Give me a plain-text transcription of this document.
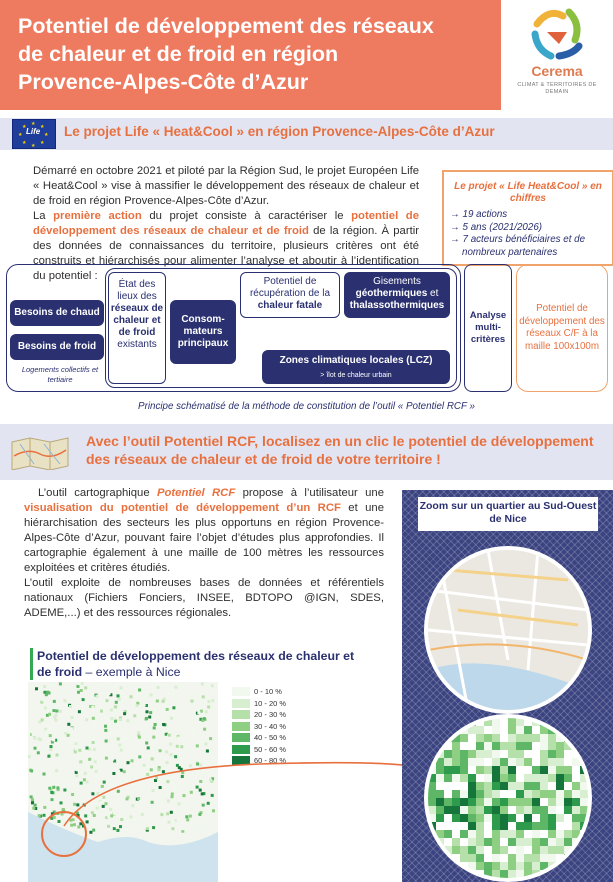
Potentiel de développement des réseaux
de chaleur et de froid en région
Provence-Alpes-Côte d’Azur	Cerema
CLIMAT & TERRITOIRES DE DEMAIN
★ ★
★
★
★
★
★
★ Life Le projet Life « Heat&Cool » en région Provence-Alpes-Côte d’Azur

Démarré en octobre 2021 et piloté par la Région Sud, le projet Européen Life « Heat&Cool » vise à massifier le développement des réseaux de chaleur et de froid en région Provence-Alpes-Côte d’Azur.

La première action du projet consiste à caractériser le potentiel de développement des réseaux de chaleur et de froid de la région. À partir des données de connaissances du territoire, plusieurs critères ont été construits et hiérarchisés pour alimenter l’analyse et aboutir à l’identification du potentiel :

Le projet « Life Heat&Cool » en chiffres
→ 19 actions
→ 5 ans (2021/2026)
→ 7 acteurs bénéficiaires et de nombreux partenaires
Besoins de chaud
Besoins de froid
Logements collectifs et tertiaire
État des lieux des réseaux de chaleur et de froid existants
Consom-mateurs principaux
Potentiel de récupération de la chaleur fatale
Gisements géothermiques et thalassothermiques
Zones climatiques locales (LCZ)
> îlot de chaleur urbain
Analyse multi-critères
Potentiel de développement des réseaux C/F à la maille 100x100m
Principe schématisé de la méthode de constitution de l’outil « Potentiel RCF »
Avec l’outil Potentiel RCF, localisez en un clic le potentiel de développement des réseaux de chaleur et de froid de votre territoire !

L’outil cartographique Potentiel RCF propose à l’utilisateur une visualisation du potentiel de développement d’un RCF et une hiérarchisation des secteurs les plus opportuns en région Provence-Alpes-Côte d’Azur, pouvant faire l’objet d’études plus approfondies. Il cartographie également à une maille de 100 mètres les ressources exploitées et critères étudiés.

L’outil exploite de nombreuses bases de données et référentiels nationaux (Fichiers Fonciers, INSEE, BDTOPO @IGN, SDES, ADEME,...) et des ressources régionales.

Potentiel de développement des réseaux de chaleur et de froid – exemple à Nice
0 - 10 %
10 - 20 %
20 - 30 %
30 - 40 %
40 - 50 %
50 - 60 %
60 - 80 %
Zoom sur un quartier au Sud-Ouest de Nice
